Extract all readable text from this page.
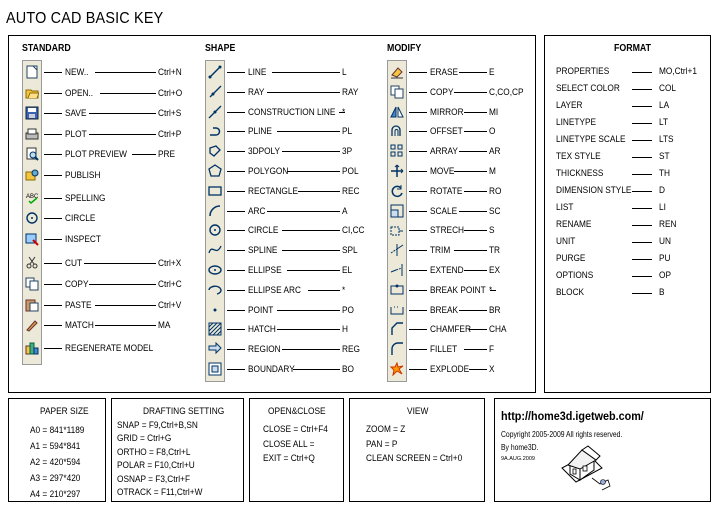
AUTO CAD BASIC KEY
STANDARD	SHAPE	MODIFY	FORMAT
NEW..	Ctrl+N
OPEN..	Ctrl+O
SAVE	Ctrl+S
PLOT	Ctrl+P
PLOT PREVIEW	PRE
PUBLISH
ABC	SPELLING
CIRCLE
INSPECT
CUT	Ctrl+X
COPY	Ctrl+C
PASTE	Ctrl+V
MATCH	MA
REGENERATE MODEL
LINE	L
RAY	RAY
CONSTRUCTION LINE *
PLINE	PL
3DPOLY	3P
POLYGON	POL
RECTANGLE	REC
ARC	A
CIRCLE	CI,CC
SPLINE	SPL
ELLIPSE	EL
ELLIPSE ARC	*
POINT	PO
HATCH	H
REGION	REG
BOUNDARY	BO
ERASE	E
COPY	C,CO,CP
MIRROR	MI
OFFSET	O
ARRAY	AR
MOVE	M
ROTATE	RO
SCALE	SC
STRECH	S
TRIM	TR
EXTEND	EX
BREAK POINT *
BREAK	BR
CHAMFER CHA
FILLET	F
EXPLODE X
PROPERTIES	MO,Ctrl+1
SELECT COLOR	COL
LAYER	LA
LINETYPE	LT
LINETYPE SCALE	LTS
TEX STYLE	ST
THICKNESS	TH
DIMENSION STYLE	D
LIST	LI
RENAME	REN
UNIT	UN
PURGE	PU
OPTIONS	OP
BLOCK	B
PAPER SIZE	DRAFTING SETTING	OPEN&CLOSE	VIEW
A0 = 841*1189
A1 = 594*841
A2 = 420*594
A3 = 297*420
A4 = 210*297
SNAP = F9,Ctrl+B,SN
GRID = Ctrl+G
ORTHO = F8,Ctrl+L
POLAR = F10,Ctrl+U
OSNAP = F3,Ctrl+F
OTRACK = F11,Ctrl+W
CLOSE = Ctrl+F4
CLOSE ALL =
EXIT = Ctrl+Q
ZOOM = Z
PAN = P
CLEAN SCREEN = Ctrl+0
http://home3d.igetweb.com/
Copyright 2005-2009 All rights reserved.
By home3D.
9A.AUG.2009
